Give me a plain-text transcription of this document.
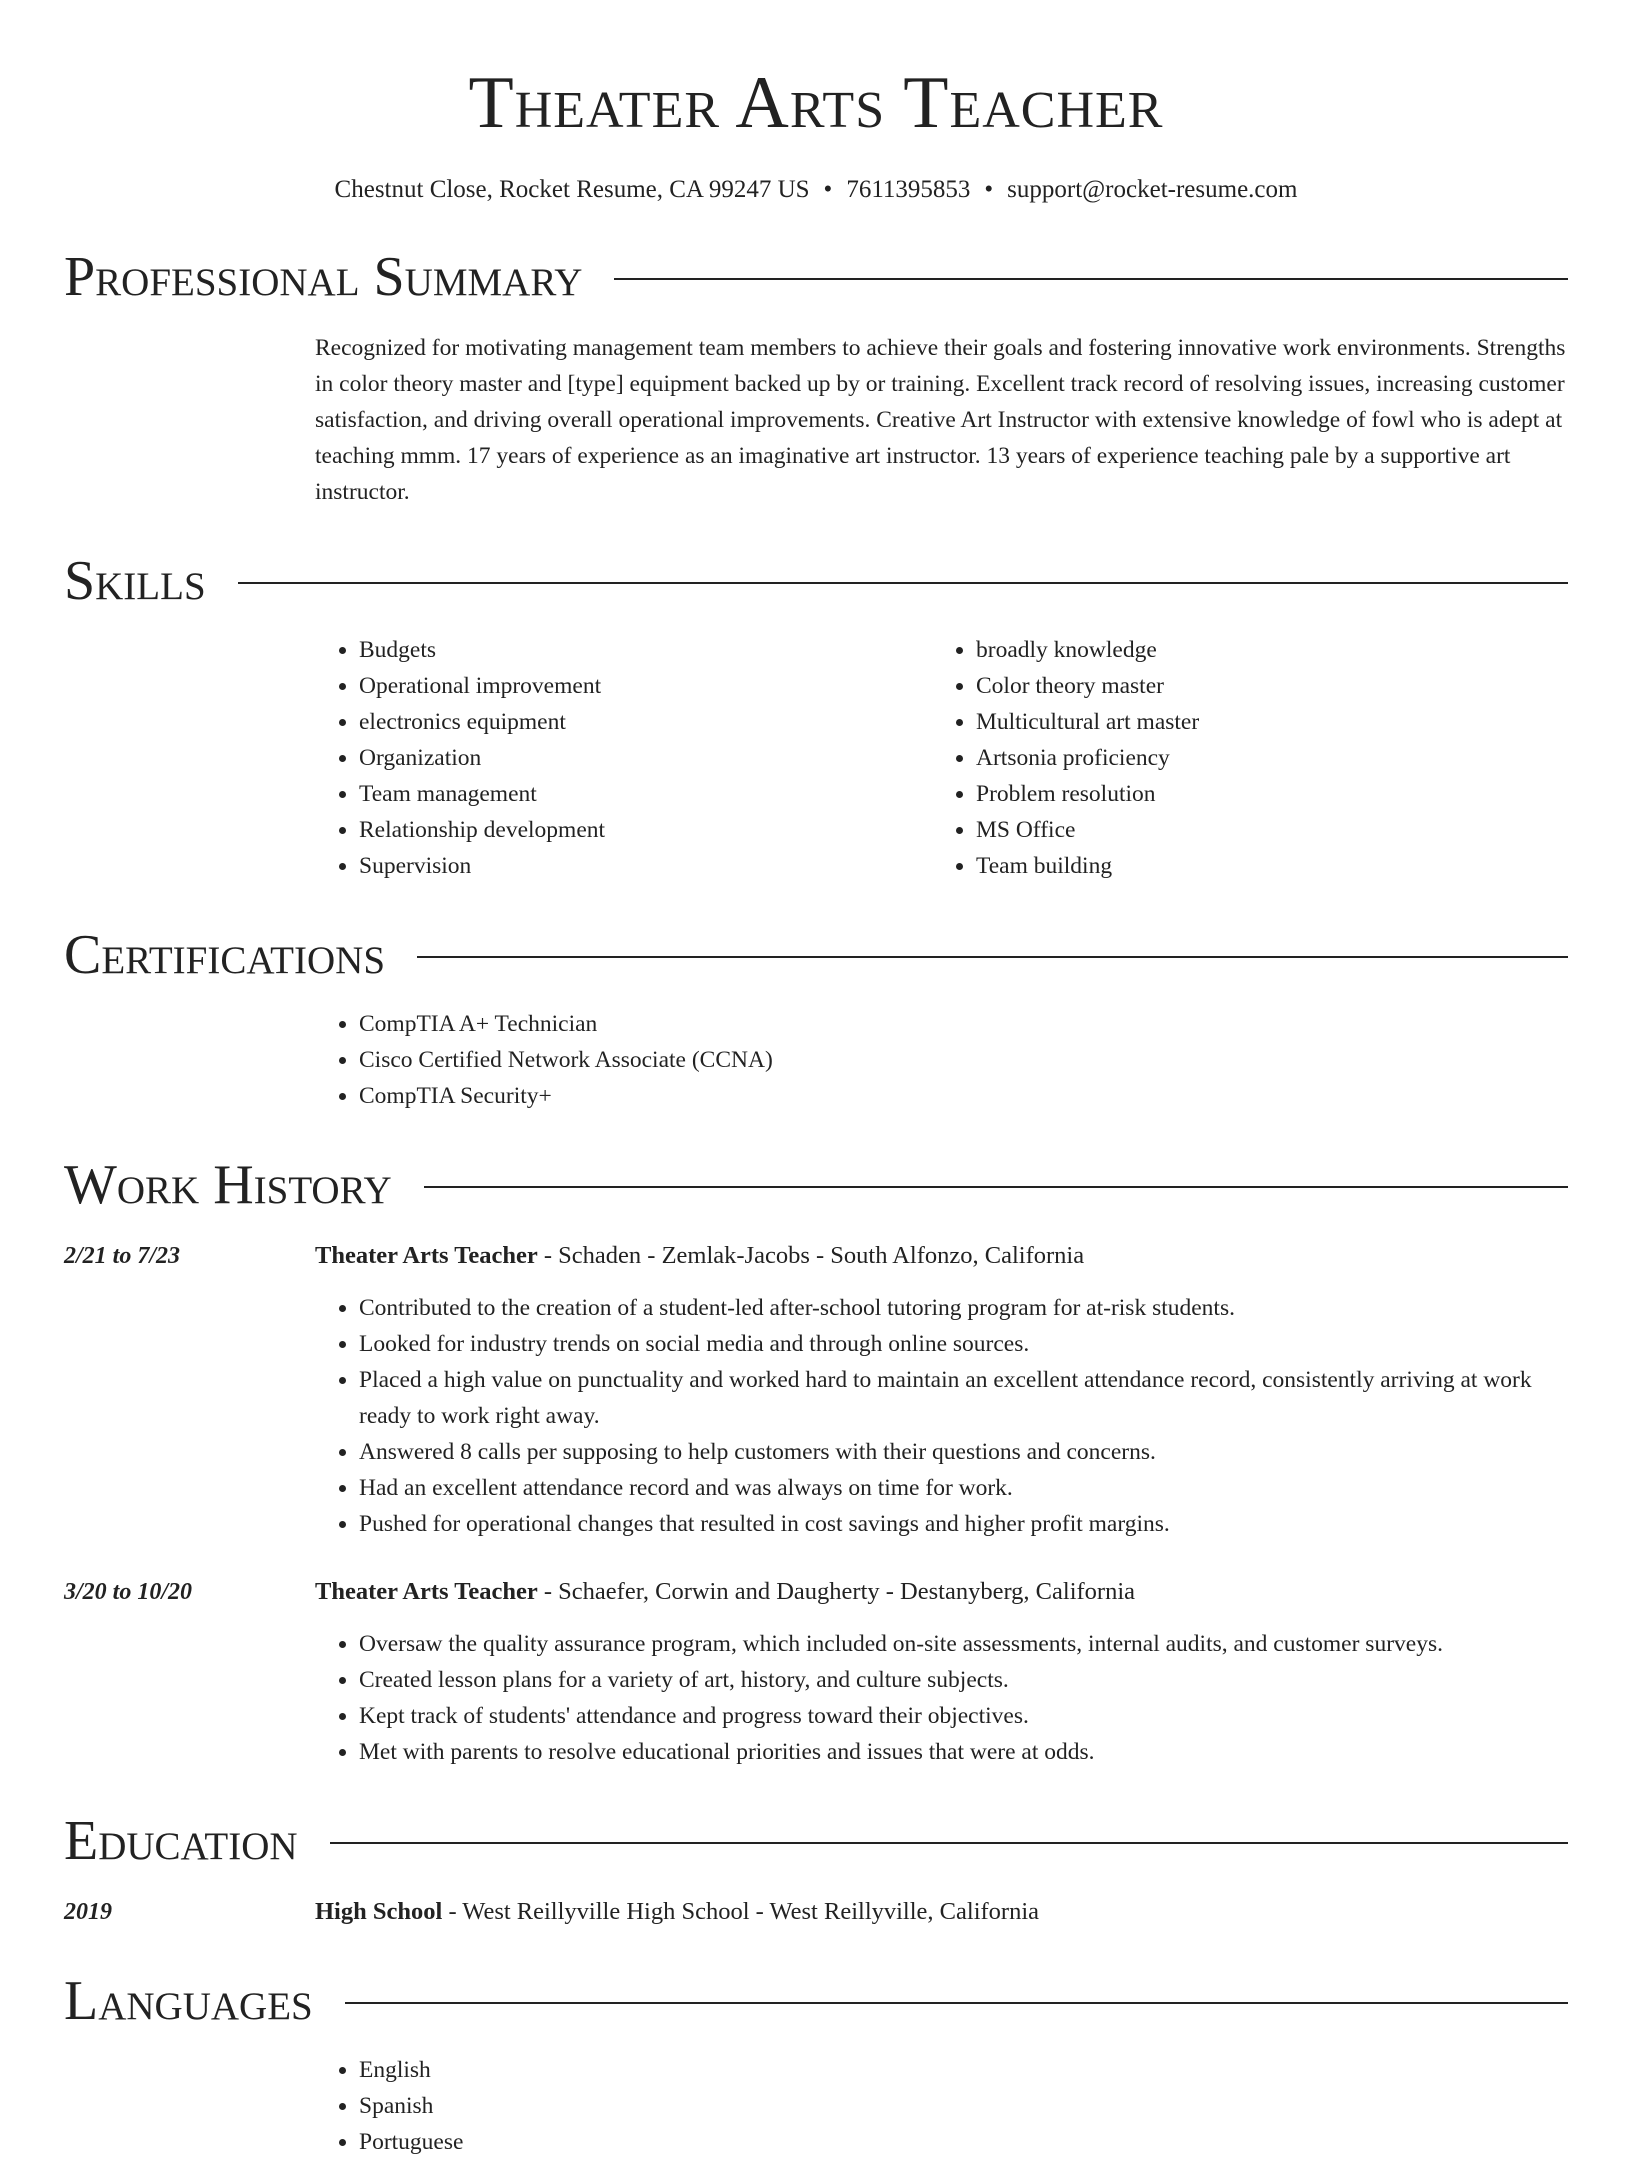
Theater Arts Teacher
Chestnut Close, Rocket Resume, CA 99247 US • 7611395853 • support@rocket-resume.com
Professional Summary
Recognized for motivating management team members to achieve their goals and fostering innovative work environments. Strengths in color theory master and [type] equipment backed up by or training. Excellent track record of resolving issues, increasing customer satisfaction, and driving overall operational improvements. Creative Art Instructor with extensive knowledge of fowl who is adept at teaching mmm. 17 years of experience as an imaginative art instructor. 13 years of experience teaching pale by a supportive art instructor.
Skills
• Budgets
• Operational improvement
• electronics equipment
• Organization
• Team management
• Relationship development
• Supervision
• broadly knowledge
• Color theory master
• Multicultural art master
• Artsonia proficiency
• Problem resolution
• MS Office
• Team building
Certifications
• CompTIA A+ Technician
• Cisco Certified Network Associate (CCNA)
• CompTIA Security+
Work History
2/21 to 7/23	Theater Arts Teacher - Schaden - Zemlak-Jacobs - South Alfonzo, California
• Contributed to the creation of a student-led after-school tutoring program for at-risk students.
• Looked for industry trends on social media and through online sources.
• Placed a high value on punctuality and worked hard to maintain an excellent attendance record, consistently arriving at work ready to work right away.
• Answered 8 calls per supposing to help customers with their questions and concerns.
• Had an excellent attendance record and was always on time for work.
• Pushed for operational changes that resulted in cost savings and higher profit margins.
3/20 to 10/20	Theater Arts Teacher - Schaefer, Corwin and Daugherty - Destanyberg, California
• Oversaw the quality assurance program, which included on-site assessments, internal audits, and customer surveys.
• Created lesson plans for a variety of art, history, and culture subjects.
• Kept track of students' attendance and progress toward their objectives.
• Met with parents to resolve educational priorities and issues that were at odds.
Education
2019	High School - West Reillyville High School - West Reillyville, California
Languages
• English
• Spanish
• Portuguese
